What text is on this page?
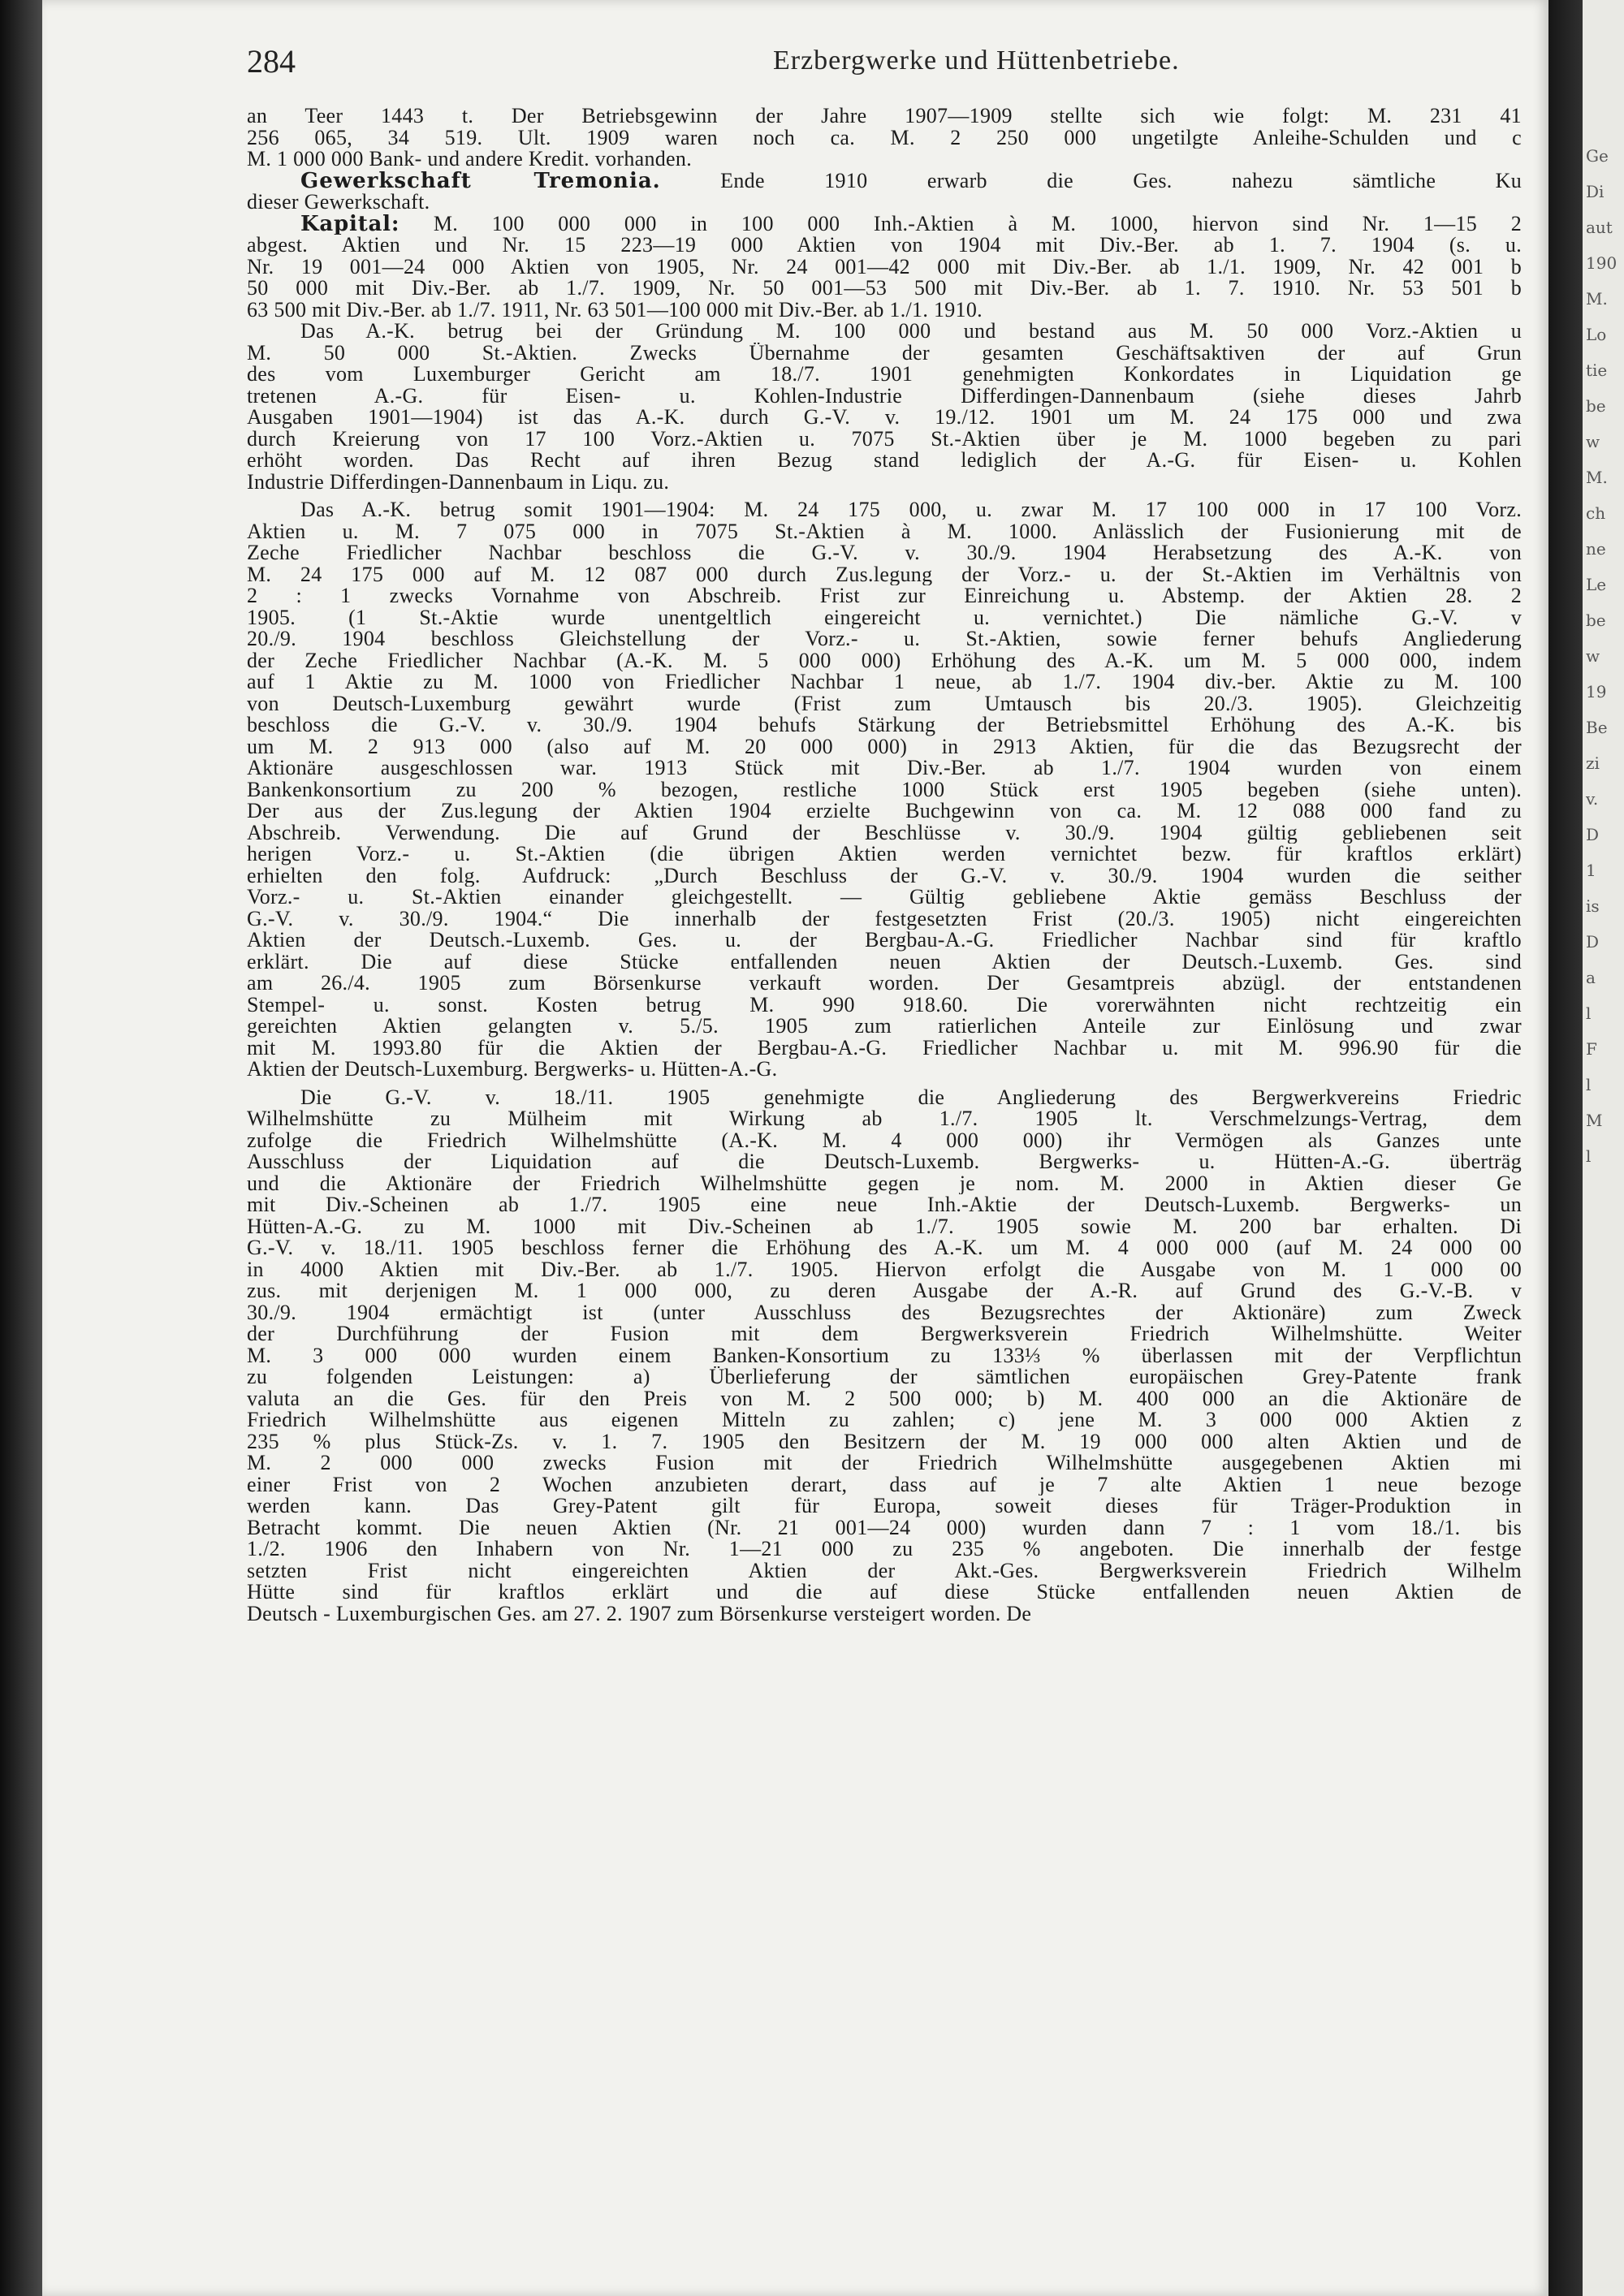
284	Erzbergwerke und Hüttenbetriebe.
an Teer 1443 t. Der Betriebsgewinn der Jahre 1907—1909 stellte sich wie folgt: M. 231 41
256 065, 34 519. Ult. 1909 waren noch ca. M. 2 250 000 ungetilgte Anleihe-Schulden und c
M. 1 000 000 Bank- und andere Kredit. vorhanden.
Gewerkschaft Tremonia. Ende 1910 erwarb die Ges. nahezu sämtliche Ku
dieser Gewerkschaft.
Kapital: M. 100 000 000 in 100 000 Inh.-Aktien à M. 1000, hiervon sind Nr. 1—15 2
abgest. Aktien und Nr. 15 223—19 000 Aktien von 1904 mit Div.-Ber. ab 1. 7. 1904 (s. u.
Nr. 19 001—24 000 Aktien von 1905, Nr. 24 001—42 000 mit Div.-Ber. ab 1./1. 1909, Nr. 42 001 b
50 000 mit Div.-Ber. ab 1./7. 1909, Nr. 50 001—53 500 mit Div.-Ber. ab 1. 7. 1910. Nr. 53 501 b
63 500 mit Div.-Ber. ab 1./7. 1911, Nr. 63 501—100 000 mit Div.-Ber. ab 1./1. 1910.
Das A.-K. betrug bei der Gründung M. 100 000 und bestand aus M. 50 000 Vorz.-Aktien u
M. 50 000 St.-Aktien. Zwecks Übernahme der gesamten Geschäftsaktiven der auf Grun
des vom Luxemburger Gericht am 18./7. 1901 genehmigten Konkordates in Liquidation ge
tretenen A.-G. für Eisen- u. Kohlen-Industrie Differdingen-Dannenbaum (siehe dieses Jahrb
Ausgaben 1901—1904) ist das A.-K. durch G.-V. v. 19./12. 1901 um M. 24 175 000 und zwa
durch Kreierung von 17 100 Vorz.-Aktien u. 7075 St.-Aktien über je M. 1000 begeben zu pari
erhöht worden. Das Recht auf ihren Bezug stand lediglich der A.-G. für Eisen- u. Kohlen
Industrie Differdingen-Dannenbaum in Liqu. zu.
Das A.-K. betrug somit 1901—1904: M. 24 175 000, u. zwar M. 17 100 000 in 17 100 Vorz.
Aktien u. M. 7 075 000 in 7075 St.-Aktien à M. 1000. Anlässlich der Fusionierung mit de
Zeche Friedlicher Nachbar beschloss die G.-V. v. 30./9. 1904 Herabsetzung des A.-K. von
M. 24 175 000 auf M. 12 087 000 durch Zus.legung der Vorz.- u. der St.-Aktien im Verhältnis von
2 : 1 zwecks Vornahme von Abschreib. Frist zur Einreichung u. Abstemp. der Aktien 28. 2
1905. (1 St.-Aktie wurde unentgeltlich eingereicht u. vernichtet.) Die nämliche G.-V. v
20./9. 1904 beschloss Gleichstellung der Vorz.- u. St.-Aktien, sowie ferner behufs Angliederung
der Zeche Friedlicher Nachbar (A.-K. M. 5 000 000) Erhöhung des A.-K. um M. 5 000 000, indem
auf 1 Aktie zu M. 1000 von Friedlicher Nachbar 1 neue, ab 1./7. 1904 div.-ber. Aktie zu M. 100
von Deutsch-Luxemburg gewährt wurde (Frist zum Umtausch bis 20./3. 1905). Gleichzeitig
beschloss die G.-V. v. 30./9. 1904 behufs Stärkung der Betriebsmittel Erhöhung des A.-K. bis
um M. 2 913 000 (also auf M. 20 000 000) in 2913 Aktien, für die das Bezugsrecht der
Aktionäre ausgeschlossen war. 1913 Stück mit Div.-Ber. ab 1./7. 1904 wurden von einem
Bankenkonsortium zu 200 % bezogen, restliche 1000 Stück erst 1905 begeben (siehe unten).
Der aus der Zus.legung der Aktien 1904 erzielte Buchgewinn von ca. M. 12 088 000 fand zu
Abschreib. Verwendung. Die auf Grund der Beschlüsse v. 30./9. 1904 gültig gebliebenen seit
herigen Vorz.- u. St.-Aktien (die übrigen Aktien werden vernichtet bezw. für kraftlos erklärt)
erhielten den folg. Aufdruck: „Durch Beschluss der G.-V. v. 30./9. 1904 wurden die seither
Vorz.- u. St.-Aktien einander gleichgestellt. — Gültig gebliebene Aktie gemäss Beschluss der
G.-V. v. 30./9. 1904.“ Die innerhalb der festgesetzten Frist (20./3. 1905) nicht eingereichten
Aktien der Deutsch.-Luxemb. Ges. u. der Bergbau-A.-G. Friedlicher Nachbar sind für kraftlo
erklärt. Die auf diese Stücke entfallenden neuen Aktien der Deutsch.-Luxemb. Ges. sind
am 26./4. 1905 zum Börsenkurse verkauft worden. Der Gesamtpreis abzügl. der entstandenen
Stempel- u. sonst. Kosten betrug M. 990 918.60. Die vorerwähnten nicht rechtzeitig ein
gereichten Aktien gelangten v. 5./5. 1905 zum ratierlichen Anteile zur Einlösung und zwar
mit M. 1993.80 für die Aktien der Bergbau-A.-G. Friedlicher Nachbar u. mit M. 996.90 für die
Aktien der Deutsch-Luxemburg. Bergwerks- u. Hütten-A.-G.
Die G.-V. v. 18./11. 1905 genehmigte die Angliederung des Bergwerkvereins Friedric
Wilhelmshütte zu Mülheim mit Wirkung ab 1./7. 1905 lt. Verschmelzungs-Vertrag, dem
zufolge die Friedrich Wilhelmshütte (A.-K. M. 4 000 000) ihr Vermögen als Ganzes unte
Ausschluss der Liquidation auf die Deutsch-Luxemb. Bergwerks- u. Hütten-A.-G. überträg
und die Aktionäre der Friedrich Wilhelmshütte gegen je nom. M. 2000 in Aktien dieser Ge
mit Div.-Scheinen ab 1./7. 1905 eine neue Inh.-Aktie der Deutsch-Luxemb. Bergwerks- un
Hütten-A.-G. zu M. 1000 mit Div.-Scheinen ab 1./7. 1905 sowie M. 200 bar erhalten. Di
G.-V. v. 18./11. 1905 beschloss ferner die Erhöhung des A.-K. um M. 4 000 000 (auf M. 24 000 00
in 4000 Aktien mit Div.-Ber. ab 1./7. 1905. Hiervon erfolgt die Ausgabe von M. 1 000 00
zus. mit derjenigen M. 1 000 000, zu deren Ausgabe der A.-R. auf Grund des G.-V.-B. v
30./9. 1904 ermächtigt ist (unter Ausschluss des Bezugsrechtes der Aktionäre) zum Zweck
der Durchführung der Fusion mit dem Bergwerksverein Friedrich Wilhelmshütte. Weiter
M. 3 000 000 wurden einem Banken-Konsortium zu 133⅓ % überlassen mit der Verpflichtun
zu folgenden Leistungen: a) Überlieferung der sämtlichen europäischen Grey-Patente frank
valuta an die Ges. für den Preis von M. 2 500 000; b) M. 400 000 an die Aktionäre de
Friedrich Wilhelmshütte aus eigenen Mitteln zu zahlen; c) jene M. 3 000 000 Aktien z
235 % plus Stück-Zs. v. 1. 7. 1905 den Besitzern der M. 19 000 000 alten Aktien und de
M. 2 000 000 zwecks Fusion mit der Friedrich Wilhelmshütte ausgegebenen Aktien mi
einer Frist von 2 Wochen anzubieten derart, dass auf je 7 alte Aktien 1 neue bezoge
werden kann. Das Grey-Patent gilt für Europa, soweit dieses für Träger-Produktion in
Betracht kommt. Die neuen Aktien (Nr. 21 001—24 000) wurden dann 7 : 1 vom 18./1. bis
1./2. 1906 den Inhabern von Nr. 1—21 000 zu 235 % angeboten. Die innerhalb der festge
setzten Frist nicht eingereichten Aktien der Akt.-Ges. Bergwerksverein Friedrich Wilhelm
Hütte sind für kraftlos erklärt und die auf diese Stücke entfallenden neuen Aktien de
Deutsch - Luxemburgischen Ges. am 27. 2. 1907 zum Börsenkurse versteigert worden. De
Ge
Di
aut
190
M.
Lo
tie
be
w
M.
ch
ne
Le
be
w
19
Be
zi
v.
D
1
is
D
a
l
F
l
M
l
